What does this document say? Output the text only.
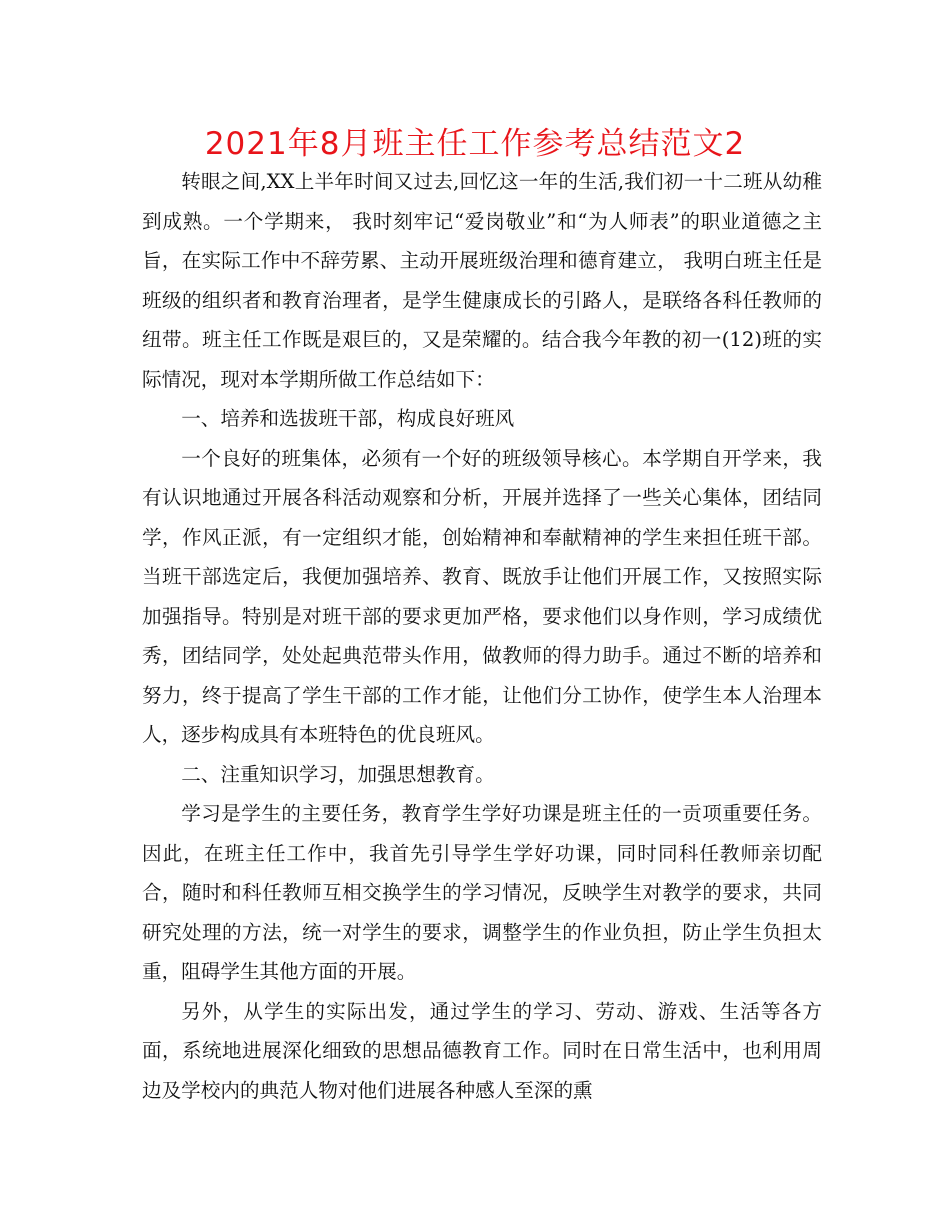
2021年8月班主任工作参考总结范文2

转眼之间,XX上半年时间又过去,回忆这一年的生活,我们初一十二班从幼稚到成熟。一个学期来， 我时刻牢记“爱岗敬业”和“为人师表”的职业道德之主旨，在实际工作中不辞劳累、主动开展班级治理和德育建立， 我明白班主任是班级的组织者和教育治理者，是学生健康成长的引路人，是联络各科任教师的纽带。班主任工作既是艰巨的，又是荣耀的。结合我今年教的初一(12)班的实际情况，现对本学期所做工作总结如下：

一、培养和选拔班干部，构成良好班风

一个良好的班集体，必须有一个好的班级领导核心。本学期自开学来，我有认识地通过开展各科活动观察和分析，开展并选择了一些关心集体，团结同学，作风正派，有一定组织才能，创始精神和奉献精神的学生来担任班干部。当班干部选定后，我便加强培养、教育、既放手让他们开展工作，又按照实际加强指导。特别是对班干部的要求更加严格，要求他们以身作则，学习成绩优秀，团结同学，处处起典范带头作用，做教师的得力助手。通过不断的培养和努力，终于提高了学生干部的工作才能，让他们分工协作，使学生本人治理本人，逐步构成具有本班特色的优良班风。

二、注重知识学习，加强思想教育。

学习是学生的主要任务，教育学生学好功课是班主任的一贡项重要任务。因此，在班主任工作中，我首先引导学生学好功课，同时同科任教师亲切配合，随时和科任教师互相交换学生的学习情况，反映学生对教学的要求，共同研究处理的方法，统一对学生的要求，调整学生的作业负担，防止学生负担太重，阻碍学生其他方面的开展。

另外，从学生的实际出发，通过学生的学习、劳动、游戏、生活等各方面，系统地进展深化细致的思想品德教育工作。同时在日常生活中，也利用周边及学校内的典范人物对他们进展各种感人至深的熏
